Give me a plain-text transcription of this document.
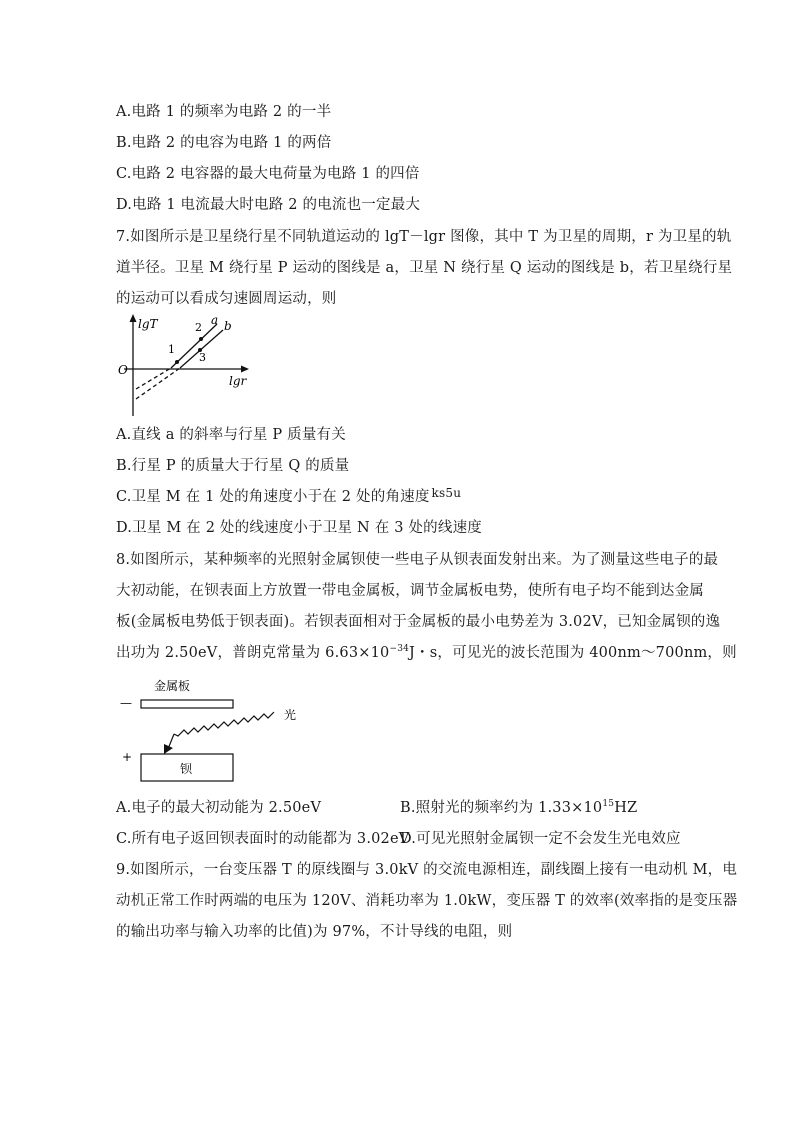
A.电路 1 的频率为电路 2 的一半
B.电路 2 的电容为电路 1 的两倍
C.电路 2 电容器的最大电荷量为电路 1 的四倍
D.电路 1 电流最大时电路 2 的电流也一定最大
7.如图所示是卫星绕行星不同轨道运动的 lgT－lgr 图像，其中 T 为卫星的周期，r 为卫星的轨
道半径。卫星 M 绕行星 P 运动的图线是 a，卫星 N 绕行星 Q 运动的图线是 b，若卫星绕行星
的运动可以看成匀速圆周运动，则
lgT
lgr
O
a b
1
2
3
A.直线 a 的斜率与行星 P 质量有关
B.行星 P 的质量大于行星 Q 的质量
C.卫星 M 在 1 处的角速度小于在 2 处的角速度 $^{ks5u}$
D.卫星 M 在 2 处的线速度小于卫星 N 在 3 处的线速度
8.如图所示，某种频率的光照射金属钡使一些电子从钡表面发射出来。为了测量这些电子的最
大初动能，在钡表面上方放置一带电金属板，调节金属板电势，使所有电子均不能到达金属
板(金属板电势低于钡表面)。若钡表面相对于金属板的最小电势差为 3.02V，已知金属钡的逸
出功为 2.50eV，普朗克常量为 $6.63\times 10^{-34}J$・s，可见光的波长范围为 400nm～700nm，则
金属板
—
钡
+
光
A.电子的最大初动能为 2.50eV	B.照射光的频率约为 $1.33\times 10^{15}HZ$
C.所有电子返回钡表面时的动能都为 3.02eV
D.可见光照射金属钡一定不会发生光电效应
9.如图所示，一台变压器 T 的原线圈与 3.0kV 的交流电源相连，副线圈上接有一电动机 M，电
动机正常工作时两端的电压为 120V、消耗功率为 1.0kW，变压器 T 的效率(效率指的是变压器
的输出功率与输入功率的比值)为 97%，不计导线的电阻，则
